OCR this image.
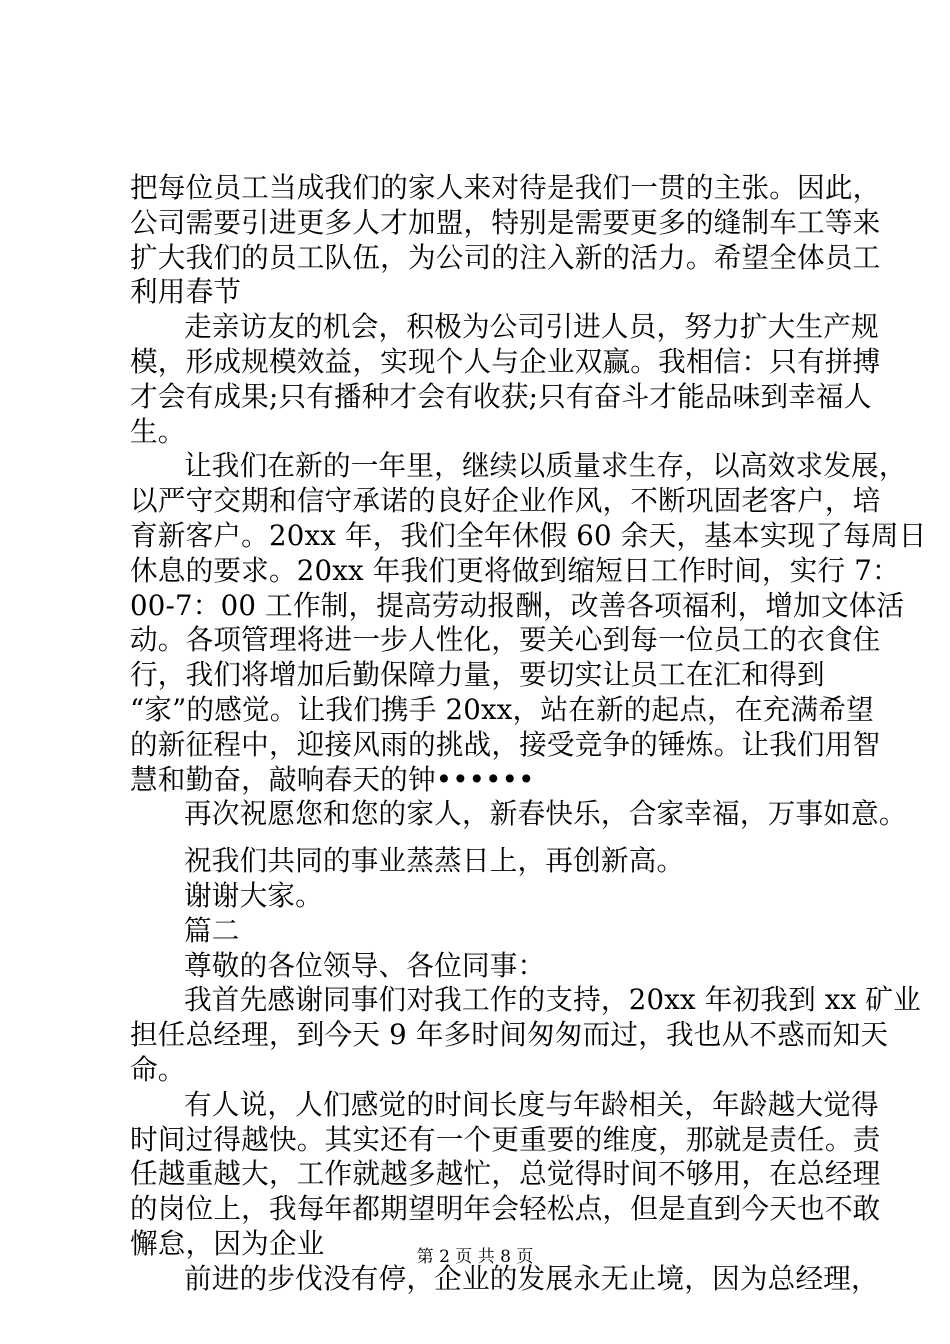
把每位员工当成我们的家人来对待是我们一贯的主张。因此，
公司需要引进更多人才加盟，特别是需要更多的缝制车工等来
扩大我们的员工队伍，为公司的注入新的活力。希望全体员工
利用春节
走亲访友的机会，积极为公司引进人员，努力扩大生产规
模，形成规模效益，实现个人与企业双赢。我相信：只有拼搏
才会有成果;只有播种才会有收获;只有奋斗才能品味到幸福人
生。
让我们在新的一年里，继续以质量求生存，以高效求发展，
以严守交期和信守承诺的良好企业作风，不断巩固老客户，培
育新客户。20xx 年，我们全年休假 60 余天，基本实现了每周日
休息的要求。20xx 年我们更将做到缩短日工作时间，实行 7：
00-7：00 工作制，提高劳动报酬，改善各项福利，增加文体活
动。各项管理将进一步人性化，要关心到每一位员工的衣食住
行，我们将增加后勤保障力量，要切实让员工在汇和得到
“家”的感觉。让我们携手 20xx，站在新的起点，在充满希望
的新征程中，迎接风雨的挑战，接受竞争的锤炼。让我们用智
慧和勤奋，敲响春天的钟••••••
再次祝愿您和您的家人，新春快乐，合家幸福，万事如意。
祝我们共同的事业蒸蒸日上，再创新高。
谢谢大家。
篇二
尊敬的各位领导、各位同事：
我首先感谢同事们对我工作的支持，20xx 年初我到 xx 矿业
担任总经理，到今天 9 年多时间匆匆而过，我也从不惑而知天
命。
有人说，人们感觉的时间长度与年龄相关，年龄越大觉得
时间过得越快。其实还有一个更重要的维度，那就是责任。责
任越重越大，工作就越多越忙，总觉得时间不够用，在总经理
的岗位上，我每年都期望明年会轻松点，但是直到今天也不敢
懈怠，因为企业
前进的步伐没有停，企业的发展永无止境，因为总经理，
第 2 页 共 8 页
